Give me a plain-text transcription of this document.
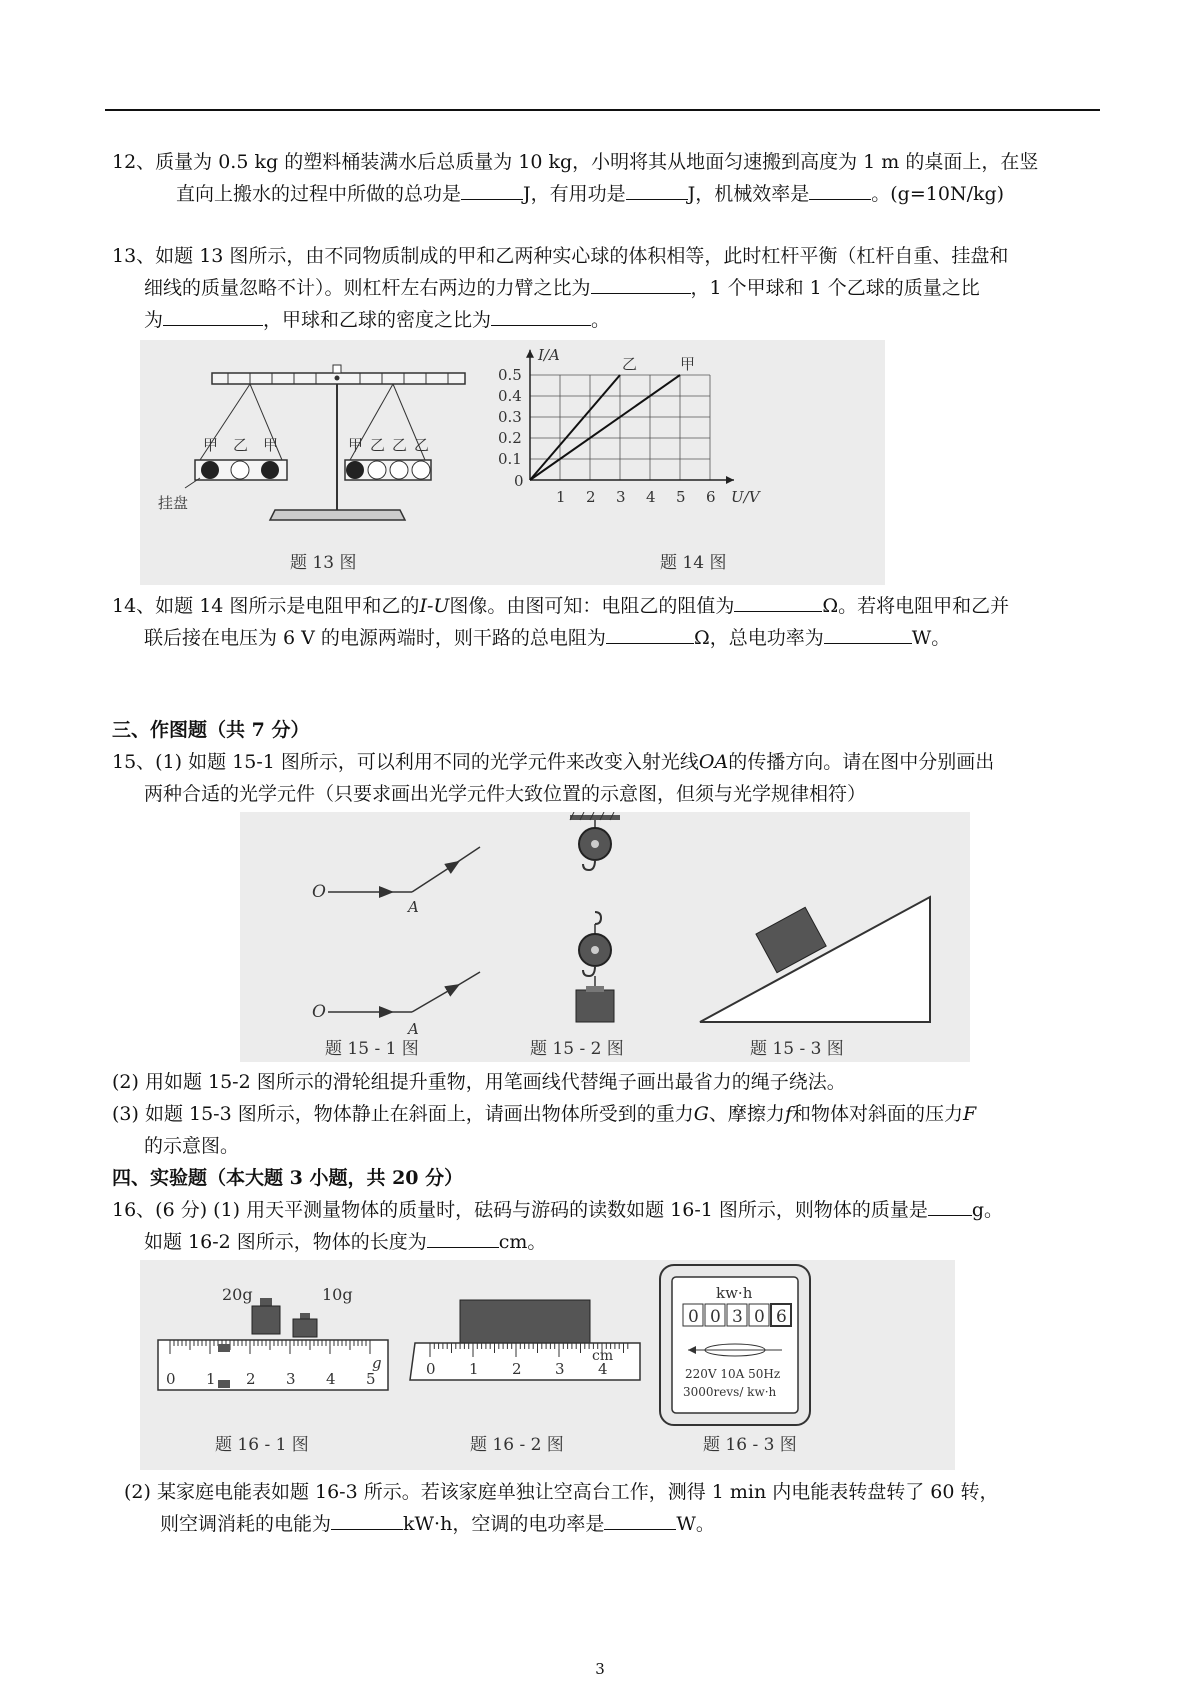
12、质量为 0.5 kg 的塑料桶装满水后总质量为 10 kg，小明将其从地面匀速搬到高度为 1 m 的桌面上，在竖
直向上搬水的过程中所做的总功是	J，有用功是	J，机械效率是	。(g=10N/kg)

13、如题 13 图所示，由不同物质制成的甲和乙两种实心球的体积相等，此时杠杆平衡（杠杆自重、挂盘和
细线的质量忽略不计）。则杠杆左右两边的力臂之比为	，1 个甲球和 1 个乙球的质量之比
为	，甲球和乙球的密度之比为	。

甲 乙 甲	甲 乙 乙 乙
挂盘
题 13 图
0.5
0.4
0.3
0.2
0.1
1 2 3 4 5 6
0
I/A
U/V
乙	甲
题 14 图

14、如题 14 图所示是电阻甲和乙的I-U图像。由图可知：电阻乙的阻值为	Ω。若将电阻甲和乙并
联后接在电压为 6 V 的电源两端时，则干路的总电阻为	Ω，总电功率为	W。

三、作图题（共 7 分）

15、(1) 如题 15-1 图所示，可以利用不同的光学元件来改变入射光线OA的传播方向。请在图中分别画出
两种合适的光学元件（只要求画出光学元件大致位置的示意图，但须与光学规律相符）

O
A
O
A
题 15 - 1 图	题 15 - 2 图	题 15 - 3 图

(2) 用如题 15-2 图所示的滑轮组提升重物，用笔画线代替绳子画出最省力的绳子绕法。
(3) 如题 15-3 图所示，物体静止在斜面上，请画出物体所受到的重力G、摩擦力f和物体对斜面的压力F
的示意图。

四、实验题（本大题 3 小题，共 20 分）

16、(6 分) (1) 用天平测量物体的质量时，砝码与游码的读数如题 16-1 图所示，则物体的质量是 g。
如题 16-2 图所示，物体的长度为	cm。

20g	10g
0 1 2 3 4 5
g
题 16 - 1 图
0 1 2 3 4
cm
题 16 - 2 图
kw·h
0 0 3 0 6
220V 10A 50Hz
3000revs/ kw·h
题 16 - 3 图

(2) 某家庭电能表如题 16-3 所示。若该家庭单独让空高台工作，测得 1 min 内电能表转盘转了 60 转，
则空调消耗的电能为	kW·h，空调的电功率是	W。

3
